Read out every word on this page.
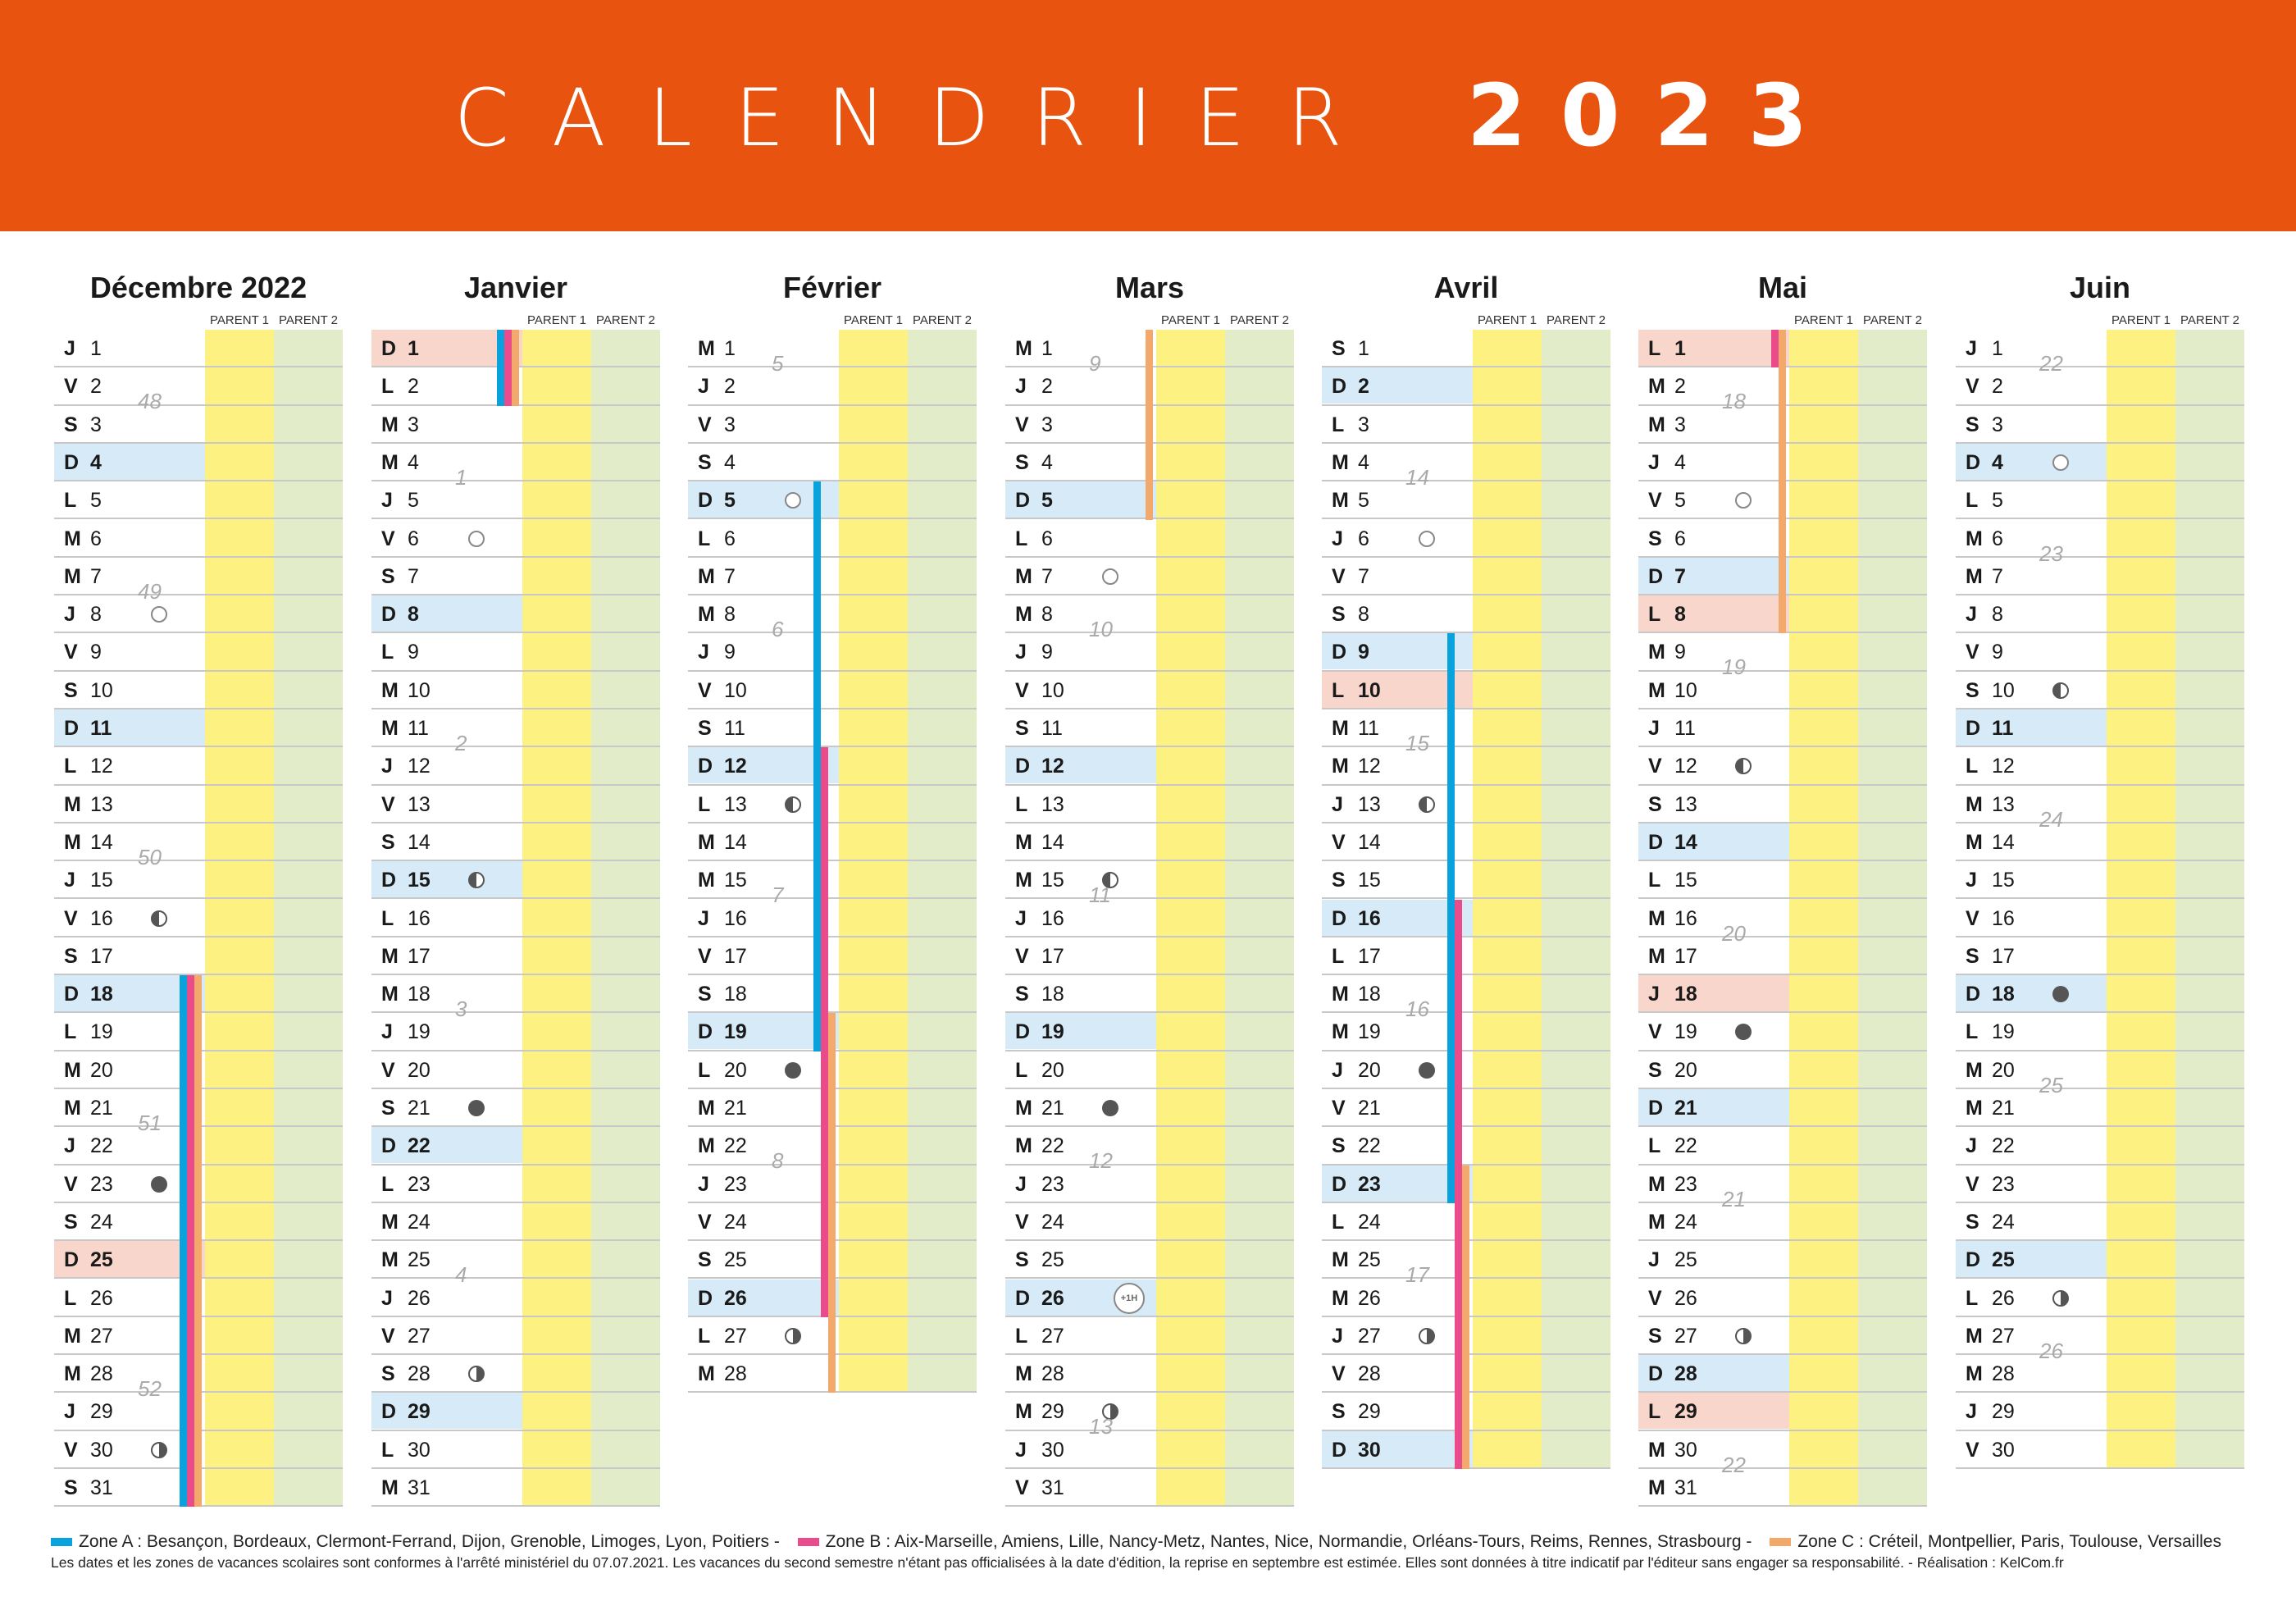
CALENDRIER 2023
Décembre 2022
PARENT 1 PARENT 2
J 1
V 2
S 3
D 4
L 5
M 6
M 7
J 8
V 9
S 10
D 11
L 12
M 13
M 14
J 15
V 16
S 17
D 18
L 19
M 20
M 21
J 22
V 23
S 24
D 25
L 26
M 27
M 28
J 29
V 30
S 31
48
49
50
51
52
Janvier
PARENT 1 PARENT 2
D 1
L 2
M 3
M 4
J 5
V 6
S 7
D 8
L 9
M 10
M 11
J 12
V 13
S 14
D 15
L 16
M 17
M 18
J 19
V 20
S 21
D 22
L 23
M 24
M 25
J 26
V 27
S 28
D 29
L 30
M 31
1
2
3
4
Février
PARENT 1 PARENT 2
M 1
J 2
V 3
S 4
D 5
L 6
M 7
M 8
J 9
V 10
S 11
D 12
L 13
M 14
M 15
J 16
V 17
S 18
D 19
L 20
M 21
M 22
J 23
V 24
S 25
D 26
L 27
M 28
5
6
7
8
Mars
PARENT 1 PARENT 2
M 1
J 2
V 3
S 4
D 5
L 6
M 7
M 8
J 9
V 10
S 11
D 12
L 13
M 14
M 15
J 16
V 17
S 18
D 19
L 20
M 21
M 22
J 23
V 24
S 25
D 26	+1H
L 27
M 28
M 29
J 30
V 31
9
10
11
12
13
Avril
PARENT 1 PARENT 2
S 1
D 2
L 3
M 4
M 5
J 6
V 7
S 8
D 9
L 10
M 11
M 12
J 13
V 14
S 15
D 16
L 17
M 18
M 19
J 20
V 21
S 22
D 23
L 24
M 25
M 26
J 27
V 28
S 29
D 30
14
15
16
17
Mai
PARENT 1 PARENT 2
L 1
M 2
M 3
J 4
V 5
S 6
D 7
L 8
M 9
M 10
J 11
V 12
S 13
D 14
L 15
M 16
M 17
J 18
V 19
S 20
D 21
L 22
M 23
M 24
J 25
V 26
S 27
D 28
L 29
M 30
M 31
18
19
20
21
22
Juin
PARENT 1 PARENT 2
J 1
V 2
S 3
D 4
L 5
M 6
M 7
J 8
V 9
S 10
D 11
L 12
M 13
M 14
J 15
V 16
S 17
D 18
L 19
M 20
M 21
J 22
V 23
S 24
D 25
L 26
M 27
M 28
J 29
V 30
22
23
24
25
26
Zone A : Besançon, Bordeaux, Clermont-Ferrand, Dijon, Grenoble, Limoges, Lyon, Poitiers -	Zone B : Aix-Marseille, Amiens, Lille, Nancy-Metz, Nantes, Nice, Normandie, Orléans-Tours, Reims, Rennes, Strasbourg -	Zone C : Créteil, Montpellier, Paris, Toulouse, Versailles
Les dates et les zones de vacances scolaires sont conformes à l'arrêté ministériel du 07.07.2021. Les vacances du second semestre n'étant pas officialisées à la date d'édition, la reprise en septembre est estimée. Elles sont données à titre indicatif par l'éditeur sans engager sa responsabilité. - Réalisation : KelCom.fr
